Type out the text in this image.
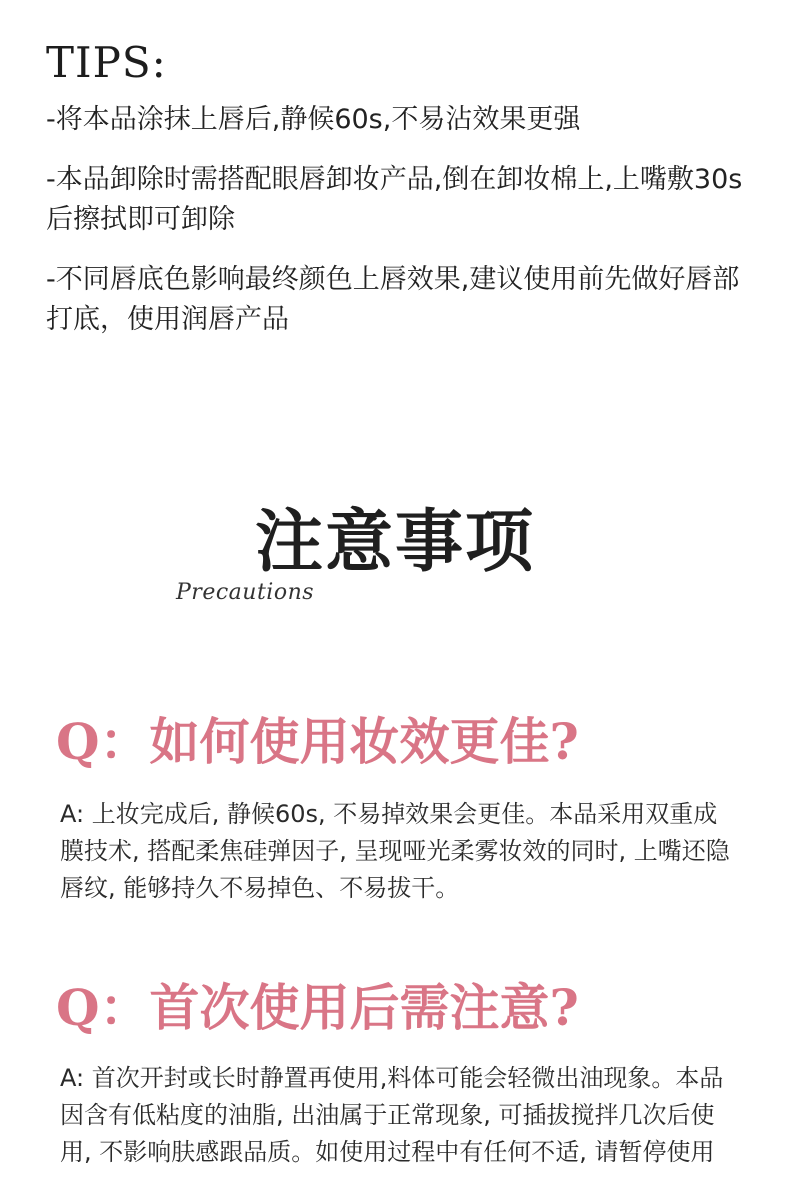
TIPS:

-将本品涂抹上唇后,静候60s,不易沾效果更强

-本品卸除时需搭配眼唇卸妆产品,倒在卸妆棉上,上嘴敷30s后擦拭即可卸除

-不同唇底色影响最终颜色上唇效果,建议使用前先做好唇部打底，使用润唇产品

注意事项

Precautions

Q：如何使用妆效更佳?

A: 上妆完成后, 静候60s, 不易掉效果会更佳。本品采用双重成膜技术, 搭配柔焦硅弹因子, 呈现哑光柔雾妆效的同时, 上嘴还隐唇纹, 能够持久不易掉色、不易拔干。

Q：首次使用后需注意?

A: 首次开封或长时静置再使用,料体可能会轻微出油现象。本品因含有低粘度的油脂, 出油属于正常现象, 可插拔搅拌几次后使用, 不影响肤感跟品质。如使用过程中有任何不适, 请暂停使用
